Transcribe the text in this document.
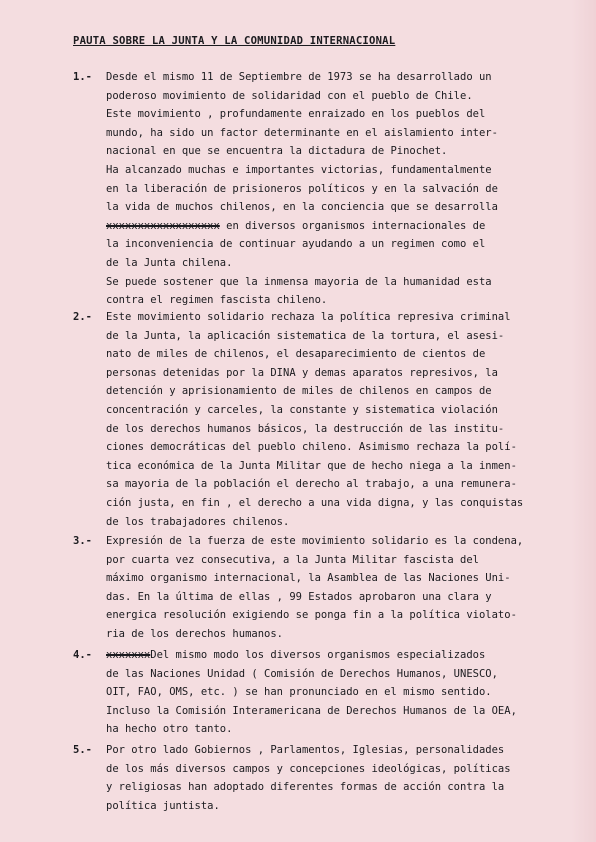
PAUTA SOBRE LA JUNTA Y LA COMUNIDAD INTERNACIONAL
1.- Desde el mismo 11 de Septiembre de 1973 se ha desarrollado un
poderoso movimiento de solidaridad con el pueblo de Chile.
Este movimiento , profundamente enraizado en los pueblos del
mundo, ha sido un factor determinante en el aislamiento inter-
nacional en que se encuentra la dictadura de Pinochet.
Ha alcanzado muchas e importantes victorias, fundamentalmente
en la liberación de prisioneros políticos y en la salvación de
la vida de muchos chilenos, en la conciencia que se desarrolla
xxxxxxxxxxxxxxxxxx en diversos organismos internacionales de
la inconveniencia de continuar ayudando a un regimen como el
de la Junta chilena.
Se puede sostener que la inmensa mayoria de la humanidad esta
contra el regimen fascista chileno.
2.- Este movimiento solidario rechaza la política represiva criminal
de la Junta, la aplicación sistematica de la tortura, el asesi-
nato de miles de chilenos, el desaparecimiento de cientos de
personas detenidas por la DINA y demas aparatos represivos, la
detención y aprisionamiento de miles de chilenos en campos de
concentración y carceles, la constante y sistematica violación
de los derechos humanos básicos, la destrucción de las institu-
ciones democráticas del pueblo chileno. Asimismo rechaza la polí-
tica económica de la Junta Militar que de hecho niega a la inmen-
sa mayoria de la población el derecho al trabajo, a una remunera-
ción justa, en fin , el derecho a una vida digna, y las conquistas
de los trabajadores chilenos.
3.- Expresión de la fuerza de este movimiento solidario es la condena,
por cuarta vez consecutiva, a la Junta Militar fascista del
máximo organismo internacional, la Asamblea de las Naciones Uni-
das. En la última de ellas , 99 Estados aprobaron una clara y
energica resolución exigiendo se ponga fin a la política violato-
ria de los derechos humanos.
4.- xxxxxxxDel mismo modo los diversos organismos especializados
de las Naciones Unidad ( Comisión de Derechos Humanos, UNESCO,
OIT, FAO, OMS, etc. ) se han pronunciado en el mismo sentido.
Incluso la Comisión Interamericana de Derechos Humanos de la OEA,
ha hecho otro tanto.
5.- Por otro lado Gobiernos , Parlamentos, Iglesias, personalidades
de los más diversos campos y concepciones ideológicas, políticas
y religiosas han adoptado diferentes formas de acción contra la
política juntista.
